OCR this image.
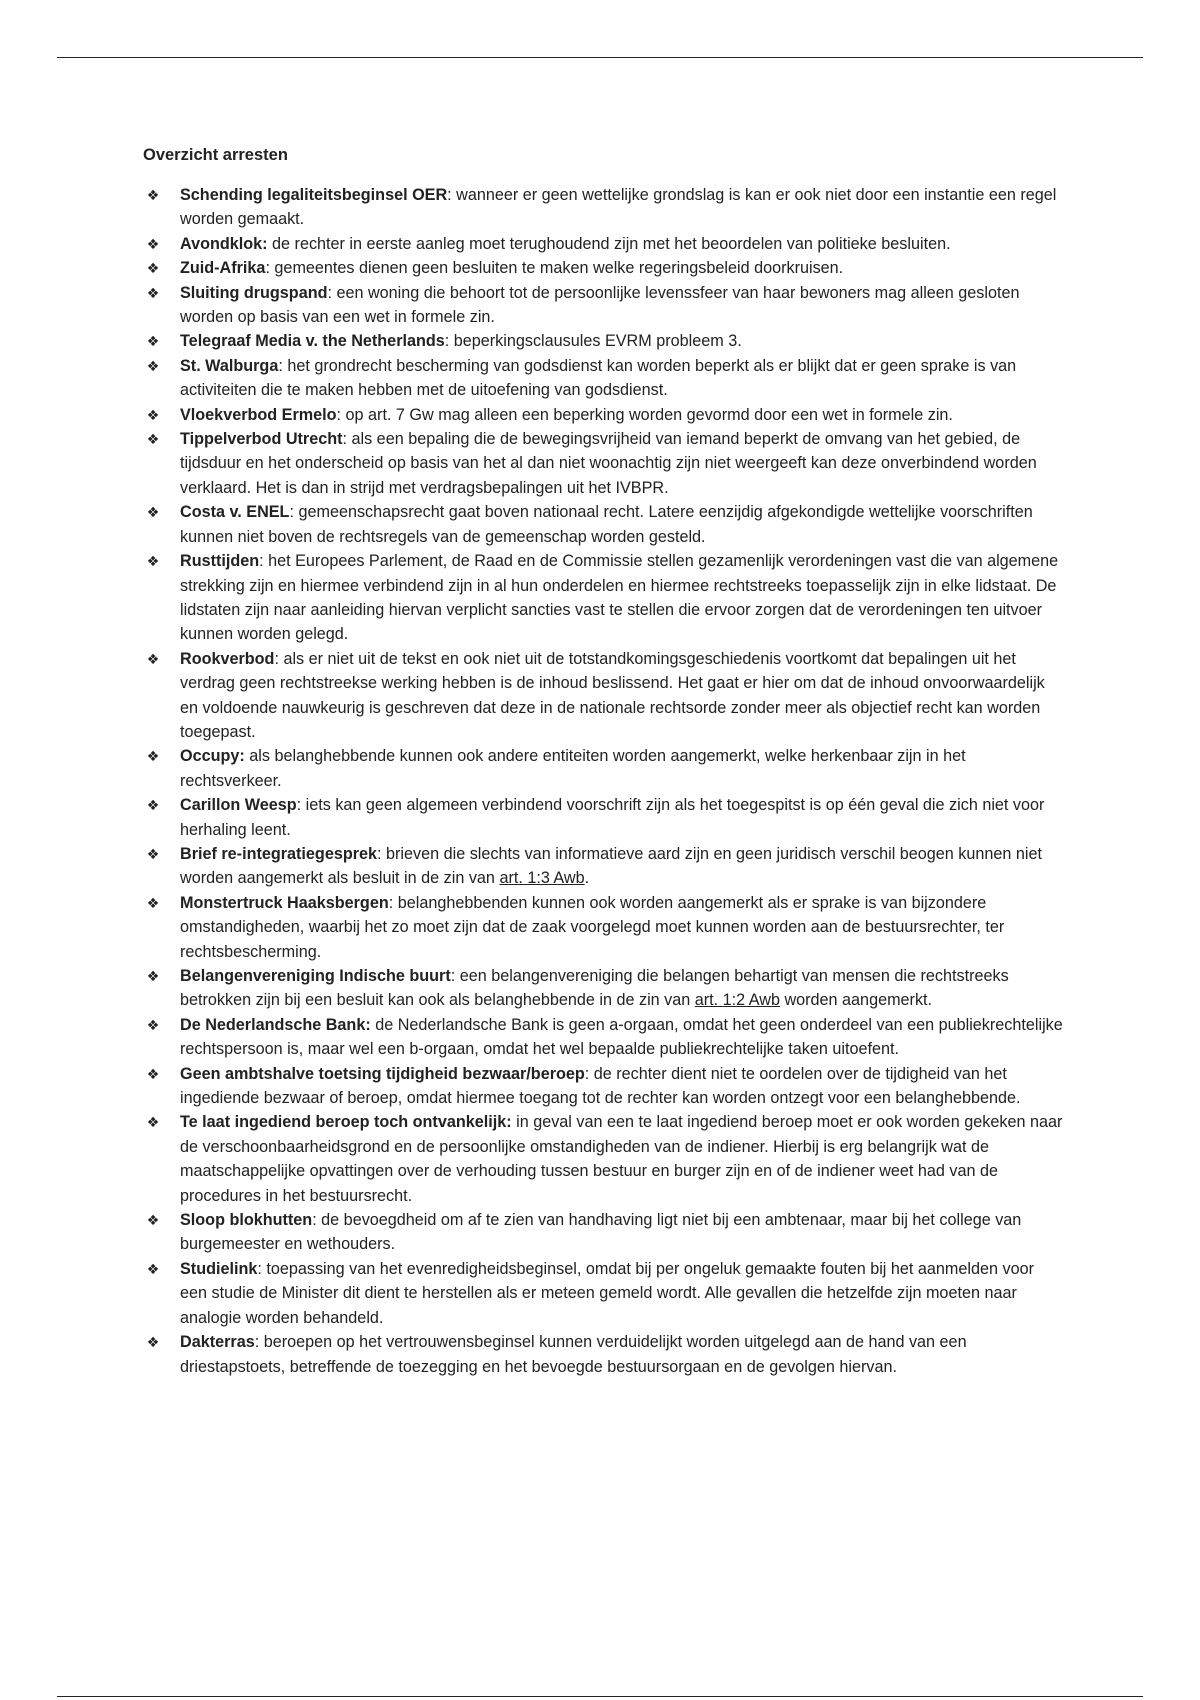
Overzicht arresten
❖ Schending legaliteitsbeginsel OER: wanneer er geen wettelijke grondslag is kan er ook niet door een instantie een regel worden gemaakt.
❖ Avondklok: de rechter in eerste aanleg moet terughoudend zijn met het beoordelen van politieke besluiten.
❖ Zuid-Afrika: gemeentes dienen geen besluiten te maken welke regeringsbeleid doorkruisen.
❖ Sluiting drugspand: een woning die behoort tot de persoonlijke levenssfeer van haar bewoners mag alleen gesloten worden op basis van een wet in formele zin.
❖ Telegraaf Media v. the Netherlands: beperkingsclausules EVRM probleem 3.
❖ St. Walburga: het grondrecht bescherming van godsdienst kan worden beperkt als er blijkt dat er geen sprake is van activiteiten die te maken hebben met de uitoefening van godsdienst.
❖ Vloekverbod Ermelo: op art. 7 Gw mag alleen een beperking worden gevormd door een wet in formele zin.
❖ Tippelverbod Utrecht: als een bepaling die de bewegingsvrijheid van iemand beperkt de omvang van het gebied, de tijdsduur en het onderscheid op basis van het al dan niet woonachtig zijn niet weergeeft kan deze onverbindend worden verklaard. Het is dan in strijd met verdragsbepalingen uit het IVBPR.
❖ Costa v. ENEL: gemeenschapsrecht gaat boven nationaal recht. Latere eenzijdig afgekondigde wettelijke voorschriften kunnen niet boven de rechtsregels van de gemeenschap worden gesteld.
❖ Rusttijden: het Europees Parlement, de Raad en de Commissie stellen gezamenlijk verordeningen vast die van algemene strekking zijn en hiermee verbindend zijn in al hun onderdelen en hiermee rechtstreeks toepasselijk zijn in elke lidstaat. De lidstaten zijn naar aanleiding hiervan verplicht sancties vast te stellen die ervoor zorgen dat de verordeningen ten uitvoer kunnen worden gelegd.
❖ Rookverbod: als er niet uit de tekst en ook niet uit de totstandkomingsgeschiedenis voortkomt dat bepalingen uit het verdrag geen rechtstreekse werking hebben is de inhoud beslissend. Het gaat er hier om dat de inhoud onvoorwaardelijk en voldoende nauwkeurig is geschreven dat deze in de nationale rechtsorde zonder meer als objectief recht kan worden toegepast.
❖ Occupy: als belanghebbende kunnen ook andere entiteiten worden aangemerkt, welke herkenbaar zijn in het rechtsverkeer.
❖ Carillon Weesp: iets kan geen algemeen verbindend voorschrift zijn als het toegespitst is op één geval die zich niet voor herhaling leent.
❖ Brief re-integratiegesprek: brieven die slechts van informatieve aard zijn en geen juridisch verschil beogen kunnen niet worden aangemerkt als besluit in de zin van art. 1:3 Awb.
❖ Monstertruck Haaksbergen: belanghebbenden kunnen ook worden aangemerkt als er sprake is van bijzondere omstandigheden, waarbij het zo moet zijn dat de zaak voorgelegd moet kunnen worden aan de bestuursrechter, ter rechtsbescherming.
❖ Belangenvereniging Indische buurt: een belangenvereniging die belangen behartigt van mensen die rechtstreeks betrokken zijn bij een besluit kan ook als belanghebbende in de zin van art. 1:2 Awb worden aangemerkt.
❖ De Nederlandsche Bank: de Nederlandsche Bank is geen a-orgaan, omdat het geen onderdeel van een publiekrechtelijke rechtspersoon is, maar wel een b-orgaan, omdat het wel bepaalde publiekrechtelijke taken uitoefent.
❖ Geen ambtshalve toetsing tijdigheid bezwaar/beroep: de rechter dient niet te oordelen over de tijdigheid van het ingediende bezwaar of beroep, omdat hiermee toegang tot de rechter kan worden ontzegt voor een belanghebbende.
❖ Te laat ingediend beroep toch ontvankelijk: in geval van een te laat ingediend beroep moet er ook worden gekeken naar de verschoonbaarheidsgrond en de persoonlijke omstandigheden van de indiener. Hierbij is erg belangrijk wat de maatschappelijke opvattingen over de verhouding tussen bestuur en burger zijn en of de indiener weet had van de procedures in het bestuursrecht.
❖ Sloop blokhutten: de bevoegdheid om af te zien van handhaving ligt niet bij een ambtenaar, maar bij het college van burgemeester en wethouders.
❖ Studielink: toepassing van het evenredigheidsbeginsel, omdat bij per ongeluk gemaakte fouten bij het aanmelden voor een studie de Minister dit dient te herstellen als er meteen gemeld wordt. Alle gevallen die hetzelfde zijn moeten naar analogie worden behandeld.
❖ Dakterras: beroepen op het vertrouwensbeginsel kunnen verduidelijkt worden uitgelegd aan de hand van een driestapstoets, betreffende de toezegging en het bevoegde bestuursorgaan en de gevolgen hiervan.
